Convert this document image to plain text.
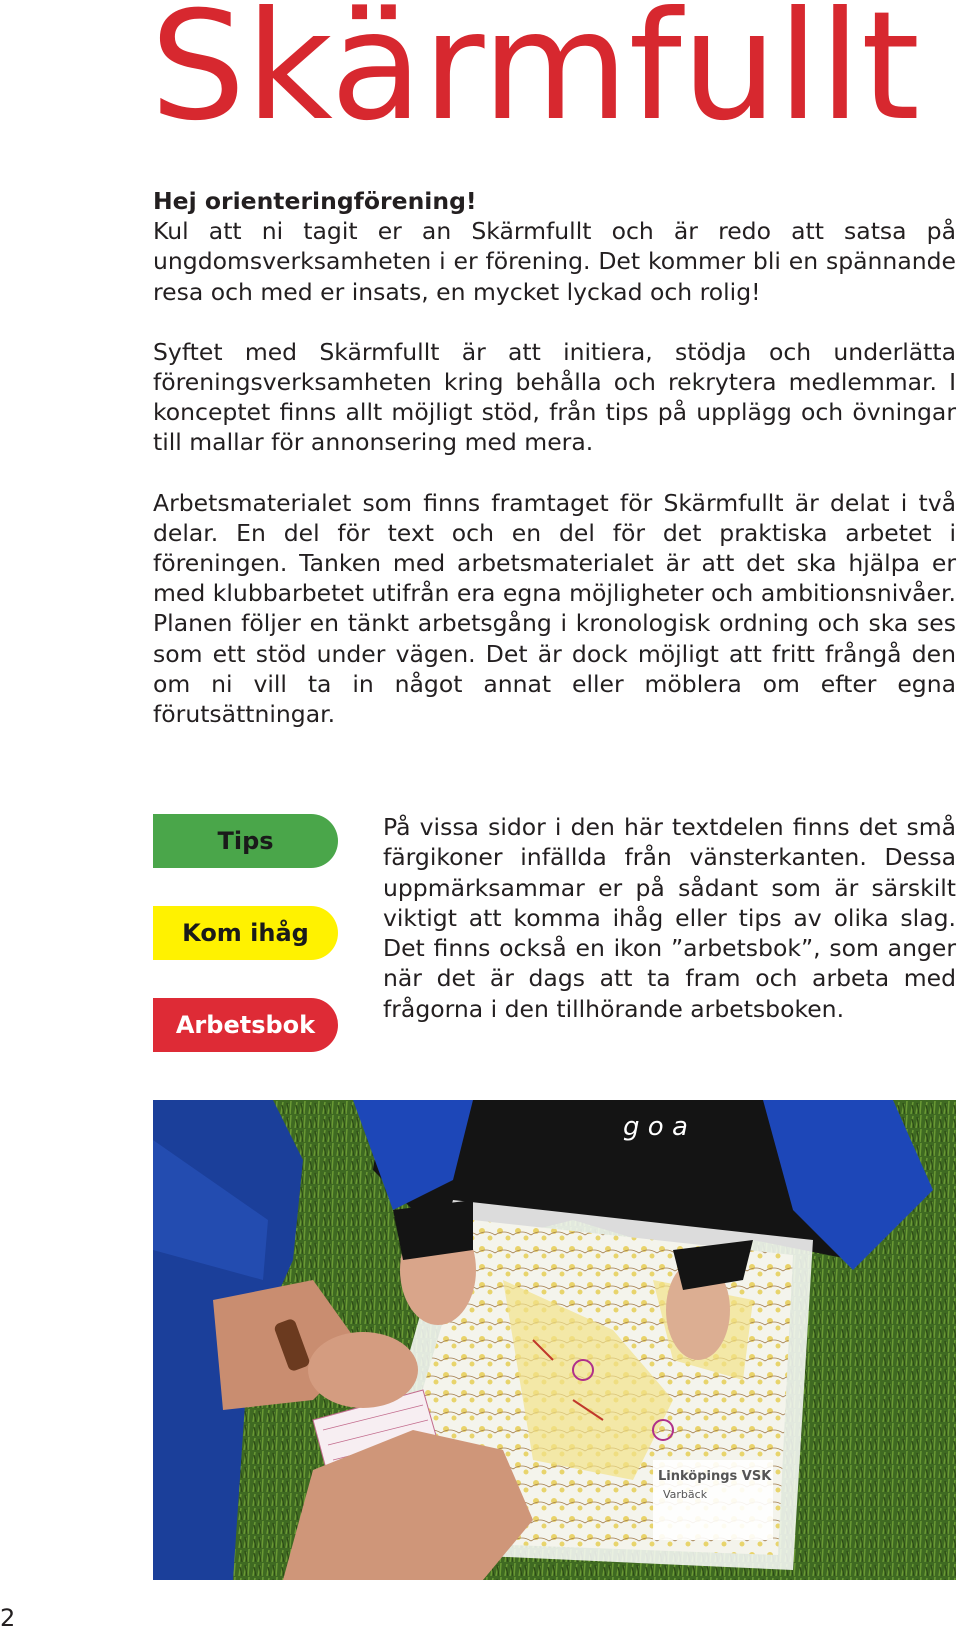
Skärmfullt

Hej orienteringförening!
Kul att ni tagit er an Skärmfullt och är redo att satsa på ungdomsverksamheten i er förening. Det kommer bli en spännande resa och med er insats, en mycket lyckad och rolig!

Syftet med Skärmfullt är att initiera, stödja och underlätta föreningsverksamheten kring behålla och rekrytera medlemmar. I konceptet finns allt möjligt stöd, från tips på upplägg och övningar till mallar för annonsering med mera.

Arbetsmaterialet som finns framtaget för Skärmfullt är delat i två delar. En del för text och en del för det praktiska arbetet i föreningen. Tanken med arbetsmaterialet är att det ska hjälpa er med klubbarbetet utifrån era egna möjligheter och ambitionsnivåer. Planen följer en tänkt arbetsgång i kronologisk ordning och ska ses som ett stöd under vägen. Det är dock möjligt att fritt frångå den om ni vill ta in något annat eller möblera om efter egna förutsättningar.

Tips
Kom ihåg
Arbetsbok
På vissa sidor i den här textdelen finns det små färgikoner infällda från vänsterkanten. Dessa uppmärksammar er på sådant som är särskilt viktigt att komma ihåg eller tips av olika slag. Det finns också en ikon ”arbetsbok”, som anger när det är dags att ta fram och arbeta med frågorna i den tillhörande arbetsboken.
g o a
Linköpings VSK
Varbäck
2
